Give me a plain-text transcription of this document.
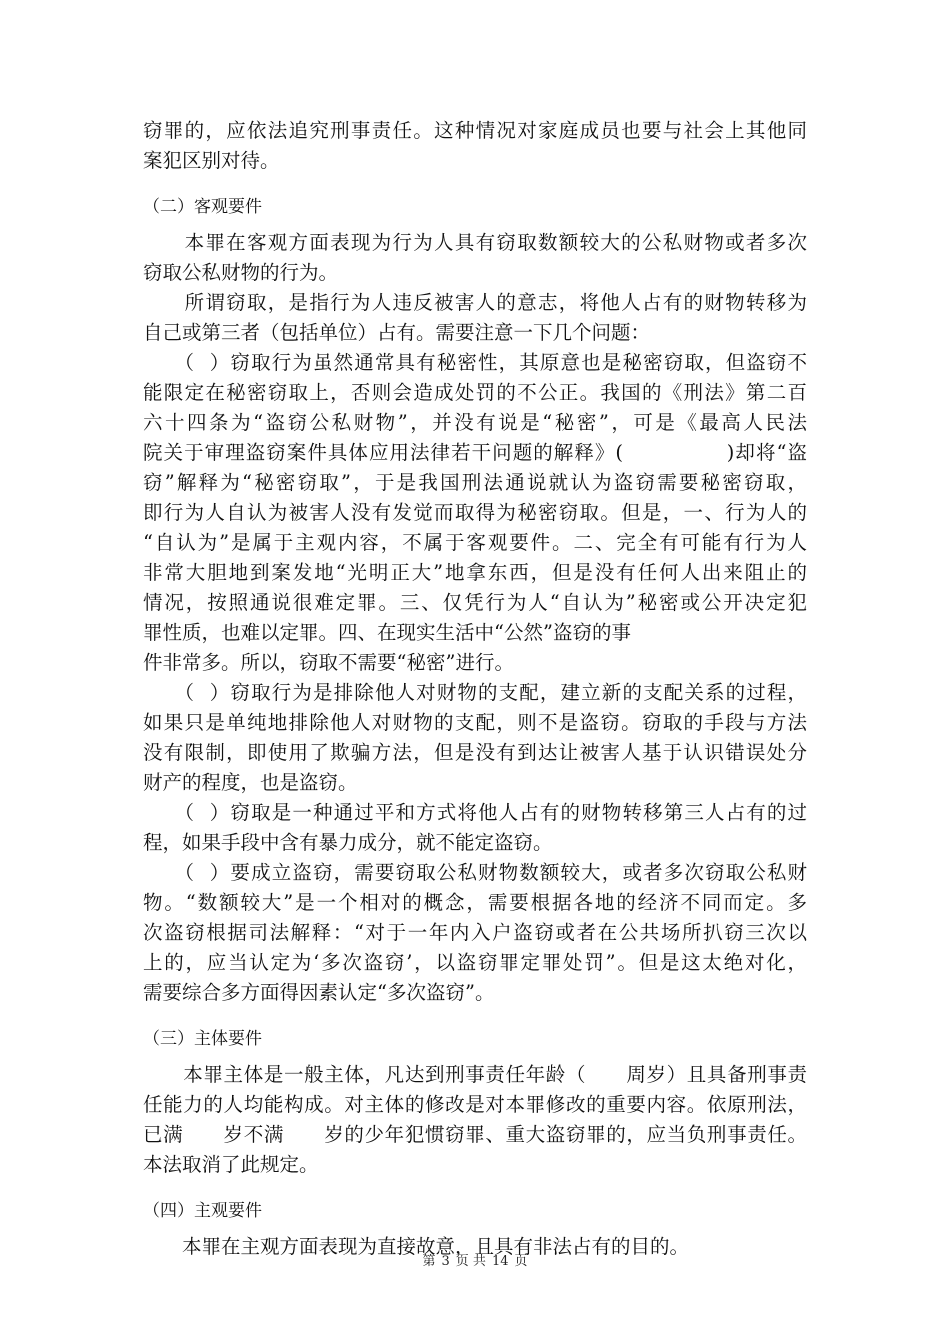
窃罪的，应依法追究刑事责任。这种情况对家庭成员也要与社会上其他同
案犯区别对待。
（二）客观要件
　　本罪在客观方面表现为行为人具有窃取数额较大的公私财物或者多次
窃取公私财物的行为。
　　所谓窃取，是指行为人违反被害人的意志，将他人占有的财物转移为
自己或第三者（包括单位）占有。需要注意一下几个问题：
　　（  ）窃取行为虽然通常具有秘密性，其原意也是秘密窃取，但盗窃不
能限定在秘密窃取上，否则会造成处罚的不公正。我国的《刑法》第二百
六十四条为“盗窃公私财物”，并没有说是“秘密”，可是《最高人民法
院关于审理盗窃案件具体应用法律若干问题的解释》(　　　　　)却将“盗
窃”解释为“秘密窃取”，于是我国刑法通说就认为盗窃需要秘密窃取，
即行为人自认为被害人没有发觉而取得为秘密窃取。但是，一、行为人的
“自认为”是属于主观内容，不属于客观要件。二、完全有可能有行为人
非常大胆地到案发地“光明正大”地拿东西，但是没有任何人出来阻止的
情况，按照通说很难定罪。三、仅凭行为人“自认为”秘密或公开决定犯
罪性质，也难以定罪。四、在现实生活中“公然”盗窃的事
件非常多。所以，窃取不需要“秘密”进行。
　　（  ）窃取行为是排除他人对财物的支配，建立新的支配关系的过程，
如果只是单纯地排除他人对财物的支配，则不是盗窃。窃取的手段与方法
没有限制，即使用了欺骗方法，但是没有到达让被害人基于认识错误处分
财产的程度，也是盗窃。
　　（  ）窃取是一种通过平和方式将他人占有的财物转移第三人占有的过
程，如果手段中含有暴力成分，就不能定盗窃。
　　（  ）要成立盗窃，需要窃取公私财物数额较大，或者多次窃取公私财
物。“数额较大”是一个相对的概念，需要根据各地的经济不同而定。多
次盗窃根据司法解释：“对于一年内入户盗窃或者在公共场所扒窃三次以
上的，应当认定为‘多次盗窃’，以盗窃罪定罪处罚”。但是这太绝对化，
需要综合多方面得因素认定“多次盗窃”。
（三）主体要件
　　本罪主体是一般主体，凡达到刑事责任年龄（　　周岁）且具备刑事责
任能力的人均能构成。对主体的修改是对本罪修改的重要内容。依原刑法，
已满　　岁不满　　岁的少年犯惯窃罪、重大盗窃罪的，应当负刑事责任。
本法取消了此规定。
（四）主观要件
　　本罪在主观方面表现为直接故意，且具有非法占有的目的。
第 3 页 共 14 页
